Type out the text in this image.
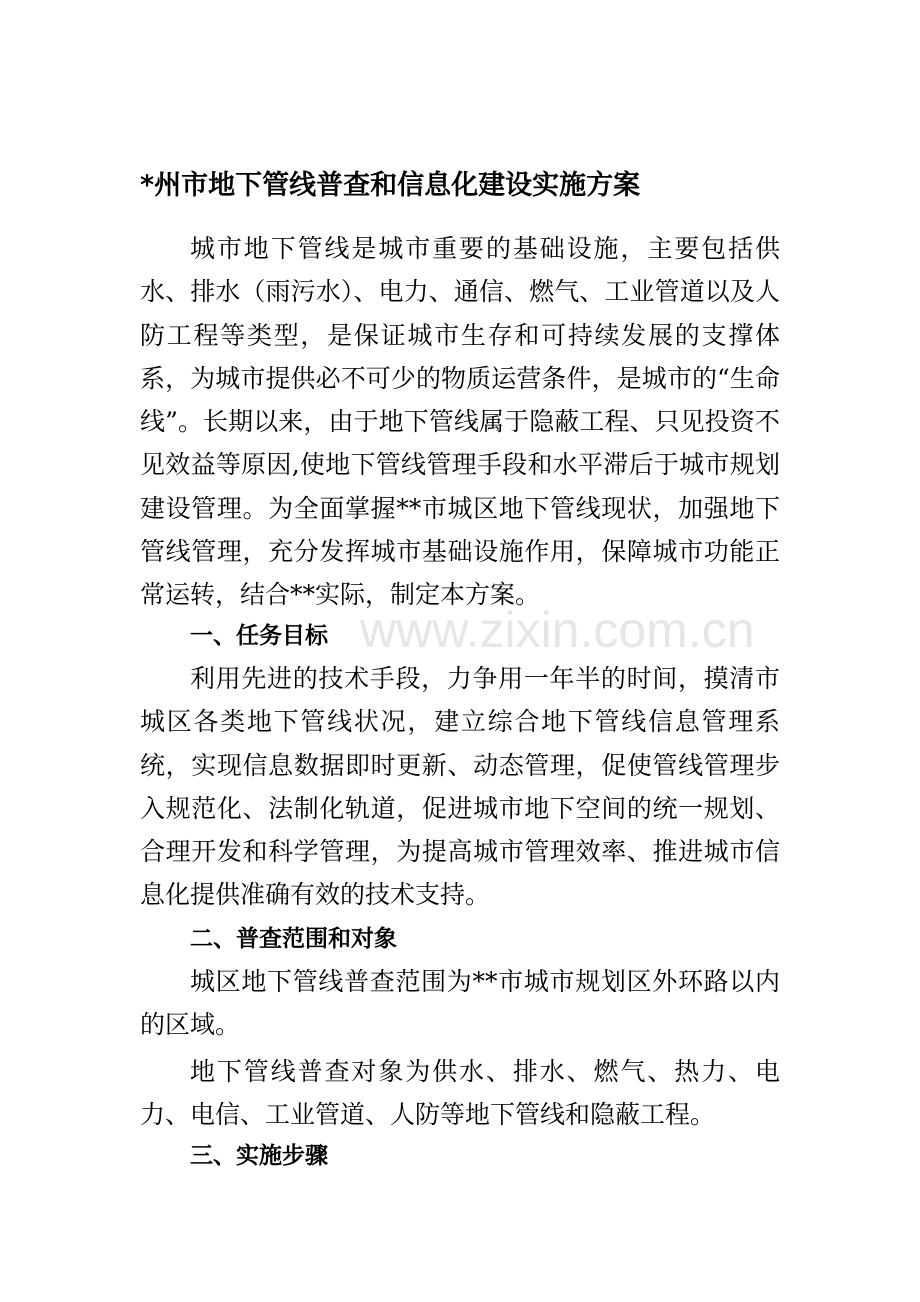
*州市地下管线普查和信息化建设实施方案

城市地下管线是城市重要的基础设施，主要包括供水、排水（雨污水）、电力、通信、燃气、工业管道以及人防工程等类型，是保证城市生存和可持续发展的支撑体系，为城市提供必不可少的物质运营条件，是城市的“生命线”。长期以来，由于地下管线属于隐蔽工程、只见投资不见效益等原因,使地下管线管理手段和水平滞后于城市规划建设管理。为全面掌握**市城区地下管线现状，加强地下管线管理，充分发挥城市基础设施作用，保障城市功能正常运转，结合**实际，制定本方案。

一、任务目标

利用先进的技术手段，力争用一年半的时间，摸清市城区各类地下管线状况，建立综合地下管线信息管理系统，实现信息数据即时更新、动态管理，促使管线管理步入规范化、法制化轨道，促进城市地下空间的统一规划、合理开发和科学管理，为提高城市管理效率、推进城市信息化提供准确有效的技术支持。

二、普查范围和对象

城区地下管线普查范围为**市城市规划区外环路以内的区域。

地下管线普查对象为供水、排水、燃气、热力、电力、电信、工业管道、人防等地下管线和隐蔽工程。

三、实施步骤
www.zixin.com.cn
